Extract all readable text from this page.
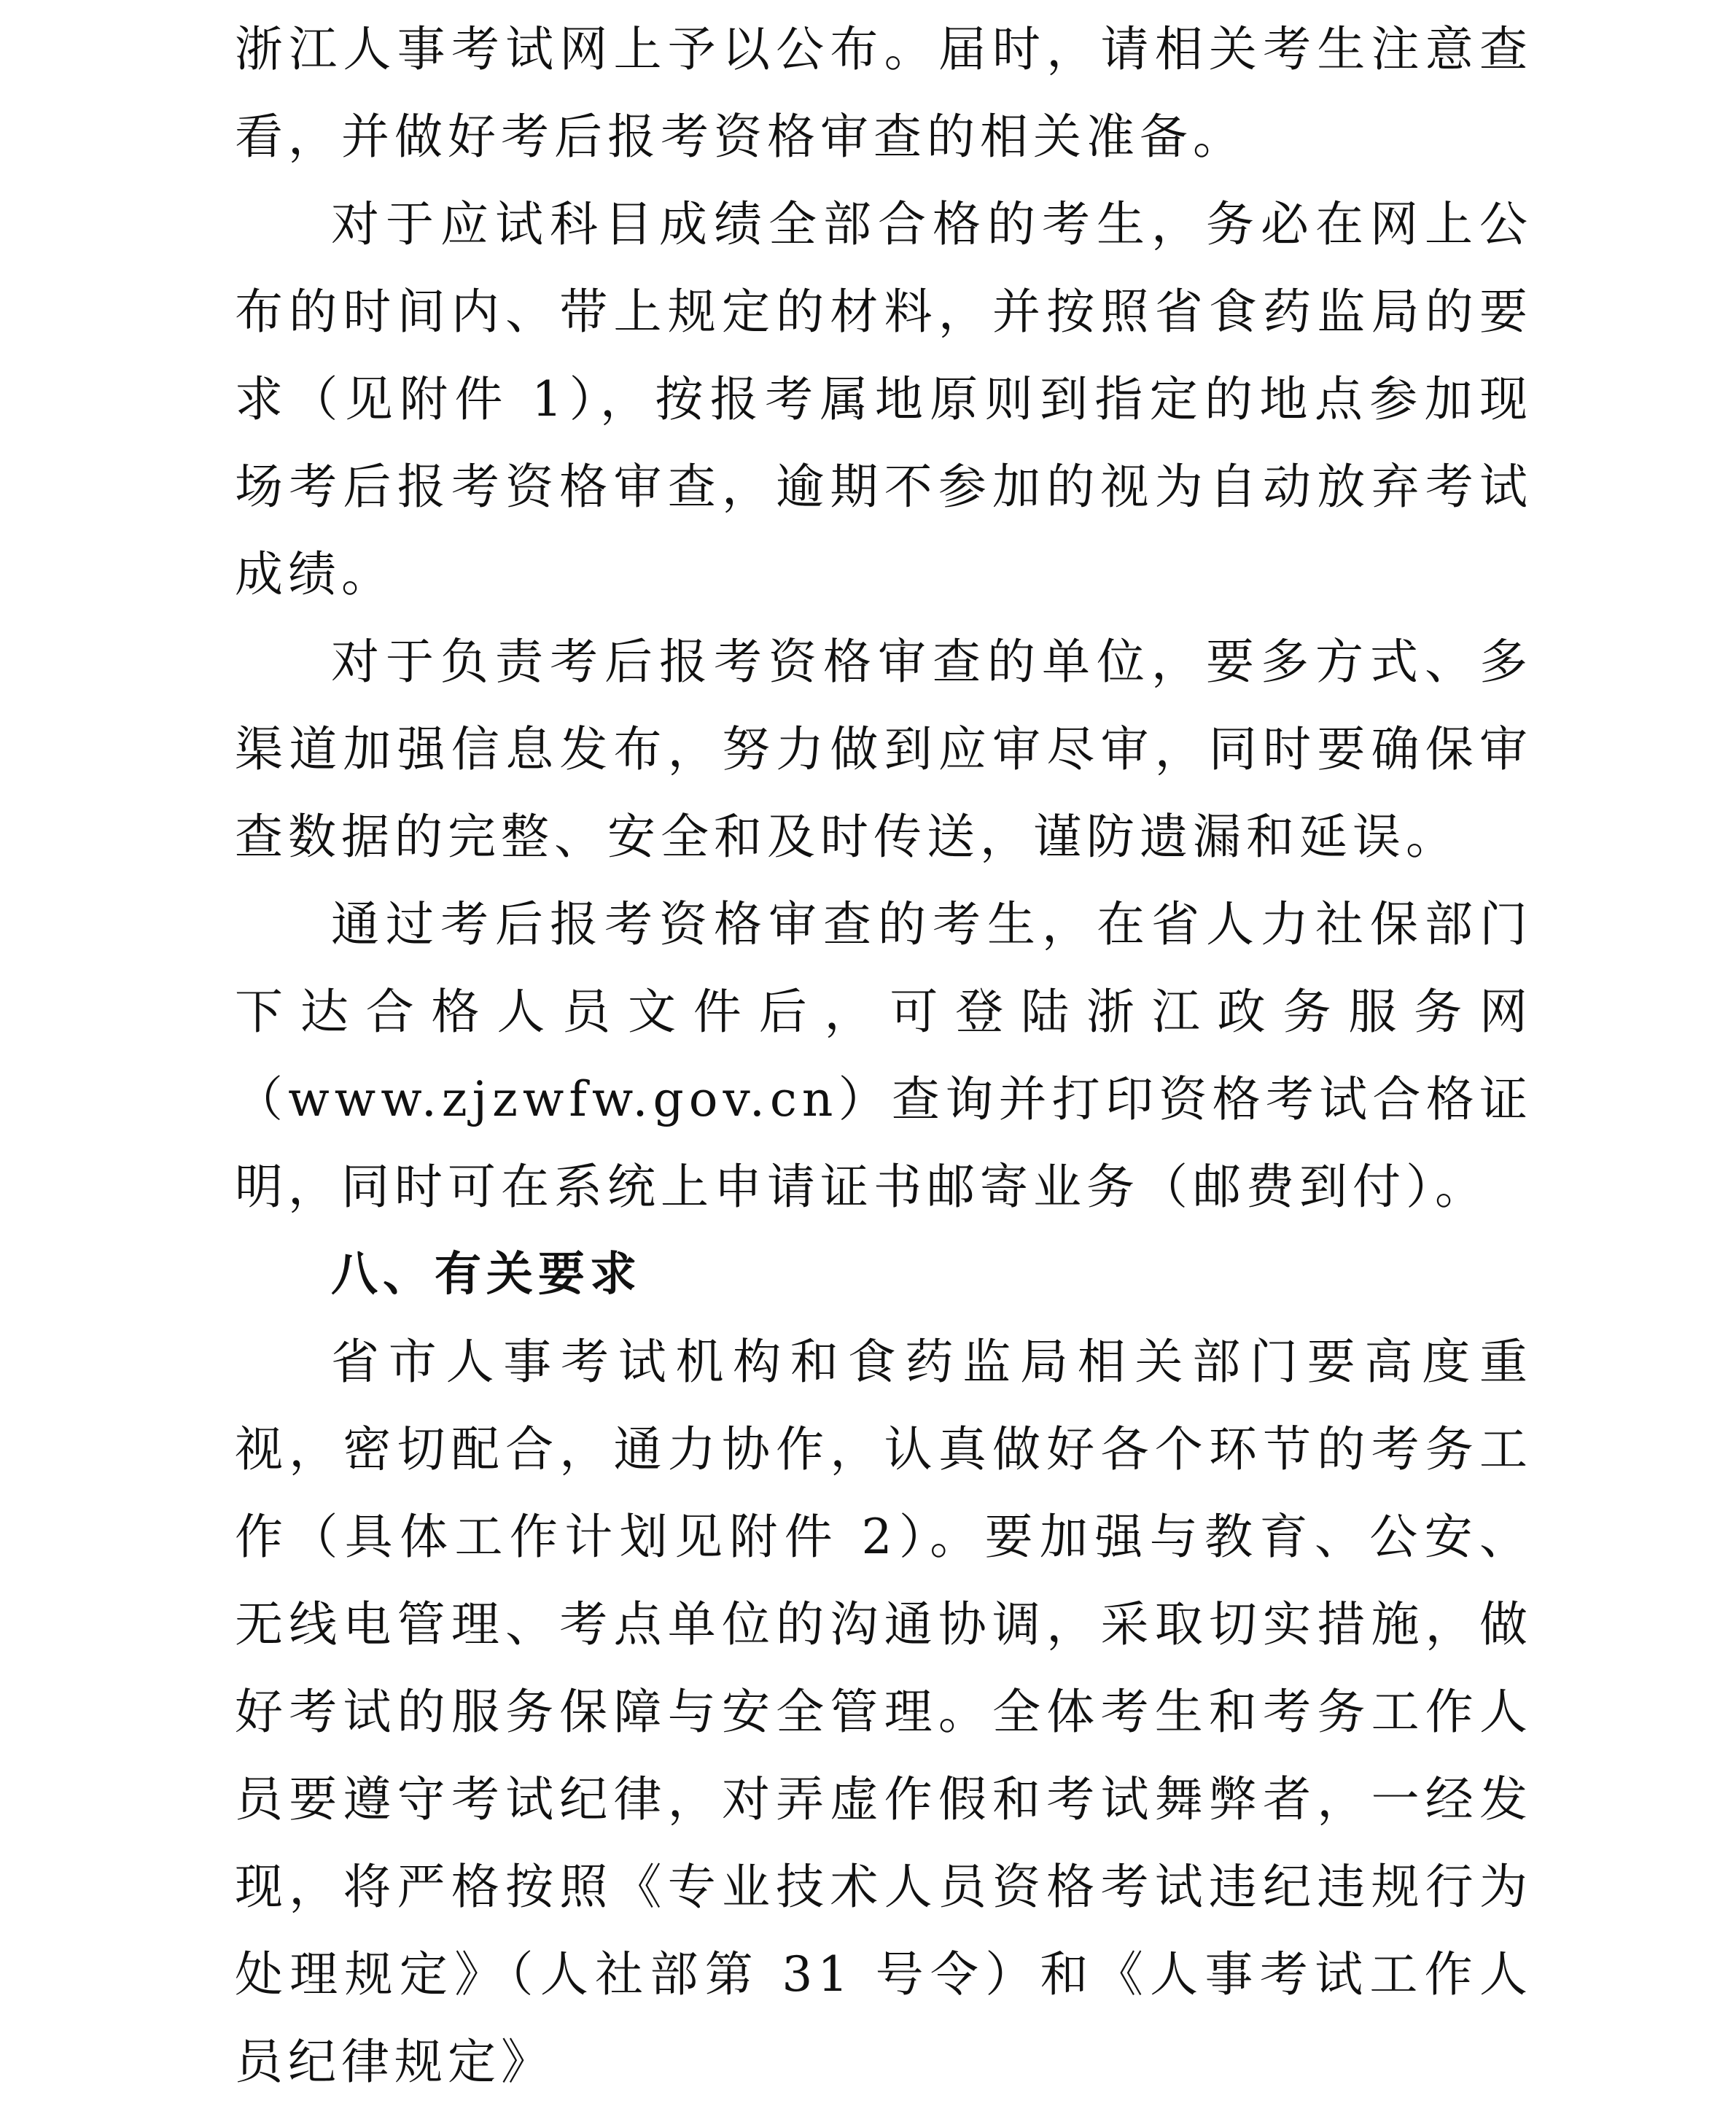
浙江人事考试网上予以公布。届时，请相关考生注意查看，并做好考后报考资格审查的相关准备。

对于应试科目成绩全部合格的考生，务必在网上公布的时间内、带上规定的材料，并按照省食药监局的要求（见附件 1），按报考属地原则到指定的地点参加现场考后报考资格审查，逾期不参加的视为自动放弃考试成绩。

对于负责考后报考资格审查的单位，要多方式、多渠道加强信息发布，努力做到应审尽审，同时要确保审查数据的完整、安全和及时传送，谨防遗漏和延误。

通过考后报考资格审查的考生，在省人力社保部门下达合格人员文件后，可登陆浙江政务服务网（www.zjzwfw.gov.cn）查询并打印资格考试合格证明，同时可在系统上申请证书邮寄业务（邮费到付）。

八、有关要求

省市人事考试机构和食药监局相关部门要高度重视，密切配合，通力协作，认真做好各个环节的考务工作（具体工作计划见附件 2）。要加强与教育、公安、无线电管理、考点单位的沟通协调，采取切实措施，做好考试的服务保障与安全管理。全体考生和考务工作人员要遵守考试纪律，对弄虚作假和考试舞弊者，一经发现，将严格按照《专业技术人员资格考试违纪违规行为处理规定》（人社部第 31 号令）和《人事考试工作人员纪律规定》
